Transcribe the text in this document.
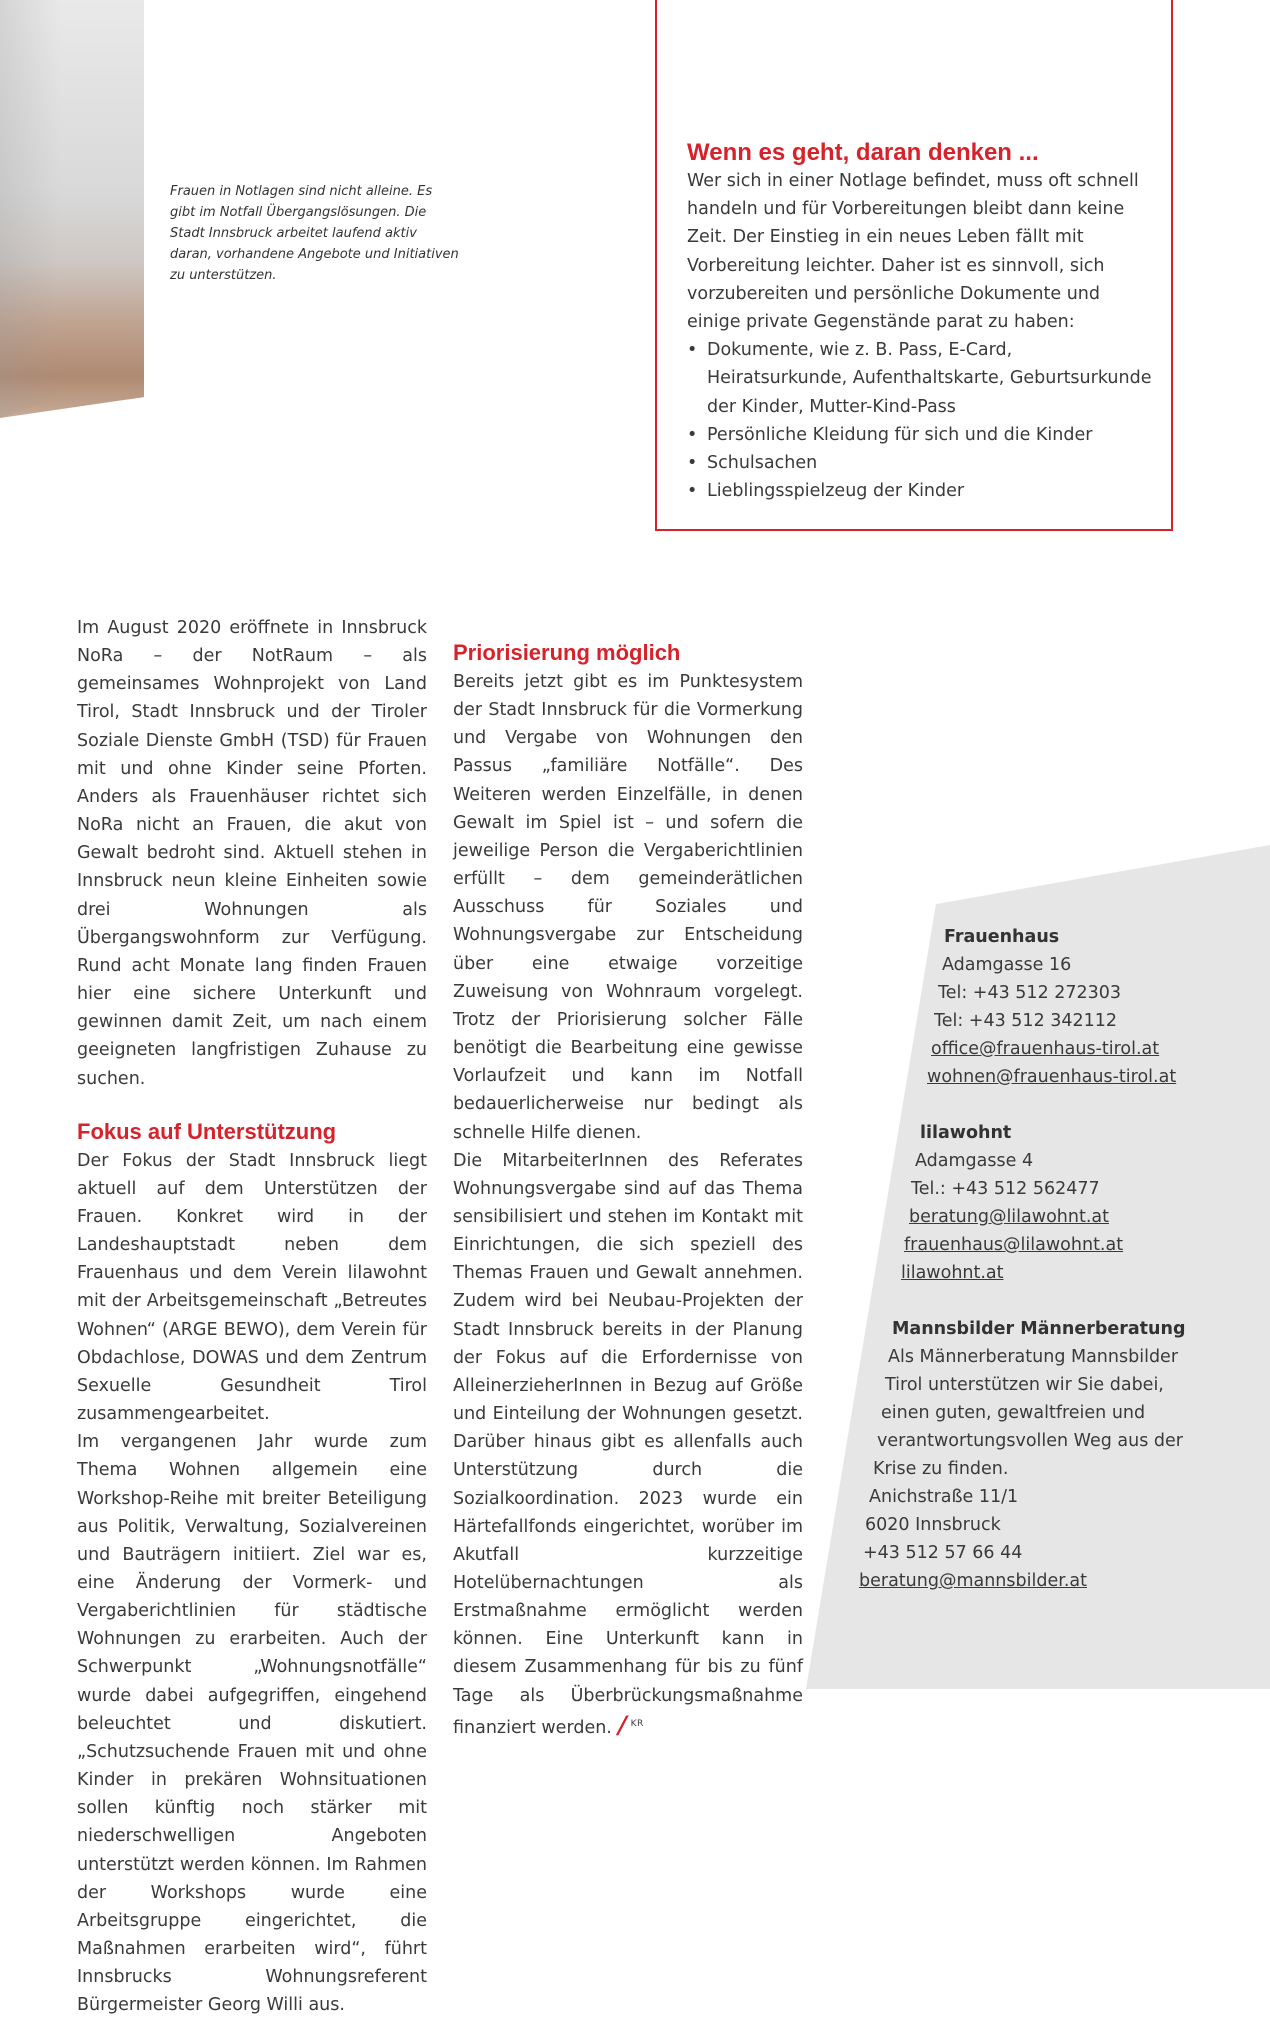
Frauen in Notlagen sind nicht alleine. Es gibt im Notfall Übergangslösungen. Die Stadt Innsbruck arbeitet laufend aktiv daran, vorhandene Angebote und Initiativen zu unterstützen.

Wenn es geht, daran denken ...

Wer sich in einer Notlage befindet, muss oft schnell handeln und für Vorbereitungen bleibt dann keine Zeit. Der Einstieg in ein neues Leben fällt mit Vorbereitung leichter. Daher ist es sinnvoll, sich vorzubereiten und persönliche Dokumente und einige private Gegenstände parat zu haben:

• Dokumente, wie z. B. Pass, E-Card, Heiratsurkunde, Aufenthaltskarte, Geburtsurkunde der Kinder, Mutter-Kind-Pass
• Persönliche Kleidung für sich und die Kinder
• Schulsachen
• Lieblingsspielzeug der Kinder

Im August 2020 eröffnete in Innsbruck NoRa – der NotRaum – als gemeinsames Wohnprojekt von Land Tirol, Stadt Innsbruck und der Tiroler Soziale Dienste GmbH (TSD) für Frauen mit und ohne Kinder seine Pforten. Anders als Frauenhäuser richtet sich NoRa nicht an Frauen, die akut von Gewalt bedroht sind. Aktuell stehen in Innsbruck neun kleine Einheiten sowie drei Wohnungen als Übergangswohnform zur Verfügung. Rund acht Monate lang finden Frauen hier eine sichere Unterkunft und gewinnen damit Zeit, um nach einem geeigneten langfristigen Zuhause zu suchen.

Fokus auf Unterstützung

Der Fokus der Stadt Innsbruck liegt aktuell auf dem Unterstützen der Frauen. Konkret wird in der Landeshauptstadt neben dem Frauenhaus und dem Verein lilawohnt mit der Arbeitsgemeinschaft „Betreutes Wohnen“ (ARGE BEWO), dem Verein für Obdachlose, DOWAS und dem Zentrum Sexuelle Gesundheit Tirol zusammengearbeitet.

Im vergangenen Jahr wurde zum Thema Wohnen allgemein eine Workshop-Reihe mit breiter Beteiligung aus Politik, Verwaltung, Sozialvereinen und Bauträgern initiiert. Ziel war es, eine Änderung der Vormerk- und Vergaberichtlinien für städtische Wohnungen zu erarbeiten. Auch der Schwerpunkt „Wohnungsnotfälle“ wurde dabei aufgegriffen, eingehend beleuchtet und diskutiert. „Schutzsuchende Frauen mit und ohne Kinder in prekären Wohnsituationen sollen künftig noch stärker mit niederschwelligen Angeboten unterstützt werden können. Im Rahmen der Workshops wurde eine Arbeitsgruppe eingerichtet, die Maßnahmen erarbeiten wird“, führt Innsbrucks Wohnungsreferent Bürgermeister Georg Willi aus.

Priorisierung möglich

Bereits jetzt gibt es im Punktesystem der Stadt Innsbruck für die Vormerkung und Vergabe von Wohnungen den Passus „familiäre Notfälle“. Des Weiteren werden Einzelfälle, in denen Gewalt im Spiel ist – und sofern die jeweilige Person die Vergaberichtlinien erfüllt – dem gemeinderätlichen Ausschuss für Soziales und Wohnungsvergabe zur Entscheidung über eine etwaige vorzeitige Zuweisung von Wohnraum vorgelegt. Trotz der Priorisierung solcher Fälle benötigt die Bearbeitung eine gewisse Vorlaufzeit und kann im Notfall bedauerlicherweise nur bedingt als schnelle Hilfe dienen.

Die MitarbeiterInnen des Referates Wohnungsvergabe sind auf das Thema sensibilisiert und stehen im Kontakt mit Einrichtungen, die sich speziell des Themas Frauen und Gewalt annehmen. Zudem wird bei Neubau-Projekten der Stadt Innsbruck bereits in der Planung der Fokus auf die Erfordernisse von AlleinerzieherInnen in Bezug auf Größe und Einteilung der Wohnungen gesetzt. Darüber hinaus gibt es allenfalls auch Unterstützung durch die Sozialkoordination. 2023 wurde ein Härtefallfonds eingerichtet, worüber im Akutfall kurzzeitige Hotelübernachtungen als Erstmaßnahme ermöglicht werden können. Eine Unterkunft kann in diesem Zusammenhang für bis zu fünf Tage als Überbrückungsmaßnahme finanziert werden. /$^{KR}$

Frauenhaus
Adamgasse 16
Tel: +43 512 272303
Tel: +43 512 342112
office@frauenhaus-tirol.at
wohnen@frauenhaus-tirol.at
lilawohnt
Adamgasse 4
Tel.: +43 512 562477
beratung@lilawohnt.at
frauenhaus@lilawohnt.at
lilawohnt.at
Mannsbilder Männerberatung
Als Männerberatung Mannsbilder
Tirol unterstützen wir Sie dabei,
einen guten, gewaltfreien und
verantwortungsvollen Weg aus der
Krise zu finden.
Anichstraße 11/1
6020 Innsbruck
+43 512 57 66 44
beratung@mannsbilder.at
